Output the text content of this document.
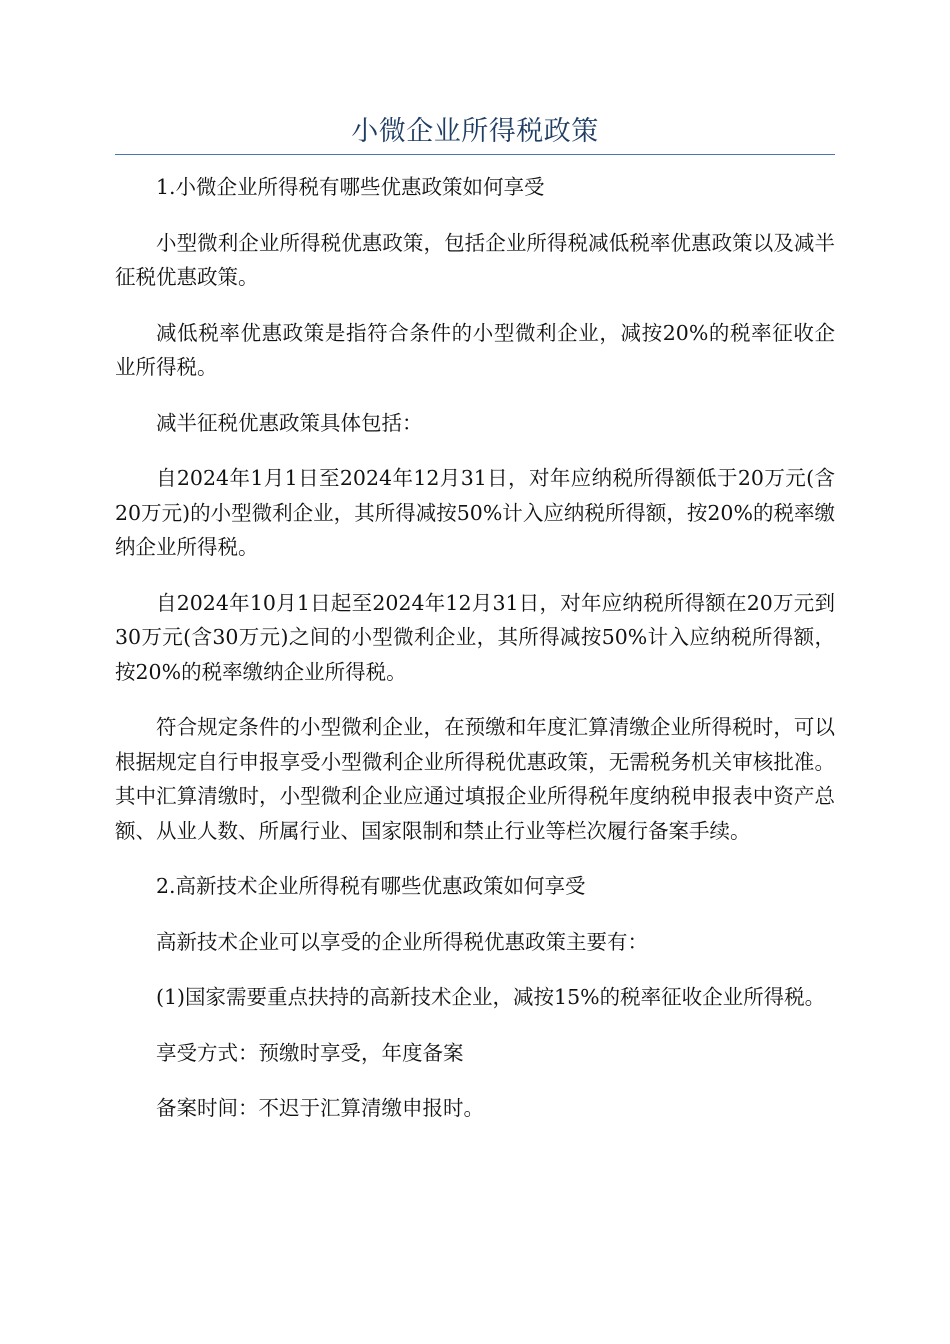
小微企业所得税政策

1.小微企业所得税有哪些优惠政策如何享受

小型微利企业所得税优惠政策，包括企业所得税减低税率优惠政策以及减半征税优惠政策。

减低税率优惠政策是指符合条件的小型微利企业，减按20%的税率征收企业所得税。

减半征税优惠政策具体包括：

自2024年1月1日至2024年12月31日，对年应纳税所得额低于20万元(含20万元)的小型微利企业，其所得减按50%计入应纳税所得额，按20%的税率缴纳企业所得税。

自2024年10月1日起至2024年12月31日，对年应纳税所得额在20万元到30万元(含30万元)之间的小型微利企业，其所得减按50%计入应纳税所得额，按20%的税率缴纳企业所得税。

符合规定条件的小型微利企业，在预缴和年度汇算清缴企业所得税时，可以根据规定自行申报享受小型微利企业所得税优惠政策，无需税务机关审核批准。其中汇算清缴时，小型微利企业应通过填报企业所得税年度纳税申报表中资产总额、从业人数、所属行业、国家限制和禁止行业等栏次履行备案手续。

2.高新技术企业所得税有哪些优惠政策如何享受

高新技术企业可以享受的企业所得税优惠政策主要有：

(1)国家需要重点扶持的高新技术企业，减按15%的税率征收企业所得税。

享受方式：预缴时享受，年度备案

备案时间：不迟于汇算清缴申报时。
